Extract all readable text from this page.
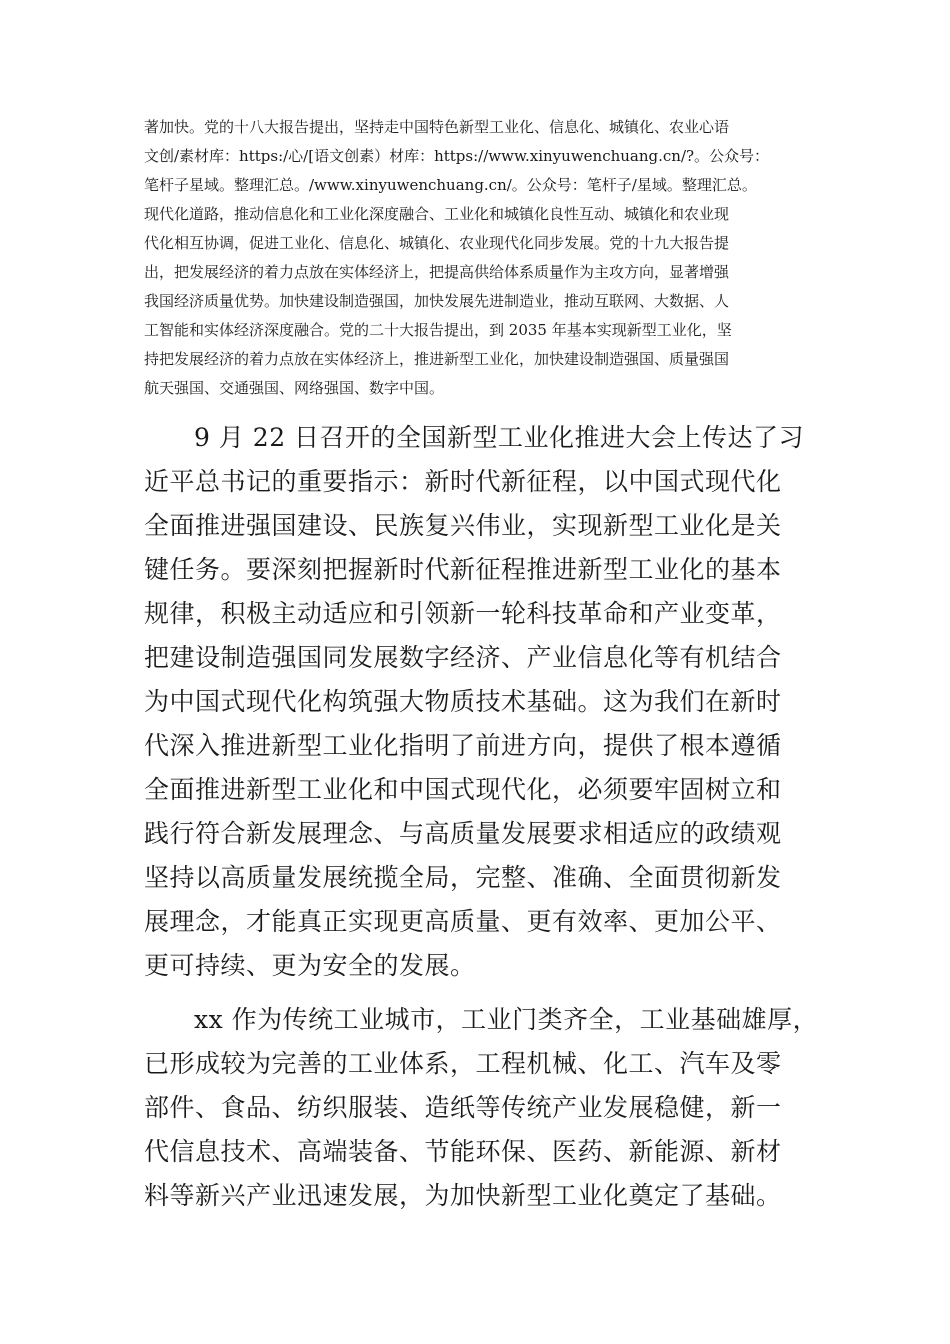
著加快。党的十八大报告提出，坚持走中国特色新型工业化、信息化、城镇化、农业心语

文创/素材库：https:/心/[语文创素）材库：https://www.xinyuwenchuang.cn/?。公众号：

笔杆子星域。整理汇总。/www.xinyuwenchuang.cn/。公众号：笔杆子/星域。整理汇总。

现代化道路，推动信息化和工业化深度融合、工业化和城镇化良性互动、城镇化和农业现

代化相互协调，促进工业化、信息化、城镇化、农业现代化同步发展。党的十九大报告提

出，把发展经济的着力点放在实体经济上，把提高供给体系质量作为主攻方向，显著增强

我国经济质量优势。加快建设制造强国，加快发展先进制造业，推动互联网、大数据、人

工智能和实体经济深度融合。党的二十大报告提出，到 2035 年基本实现新型工业化，坚

持把发展经济的着力点放在实体经济上，推进新型工业化，加快建设制造强国、质量强国

航天强国、交通强国、网络强国、数字中国。

9 月 22 日召开的全国新型工业化推进大会上传达了习

近平总书记的重要指示：新时代新征程，以中国式现代化

全面推进强国建设、民族复兴伟业，实现新型工业化是关

键任务。要深刻把握新时代新征程推进新型工业化的基本

规律，积极主动适应和引领新一轮科技革命和产业变革，

把建设制造强国同发展数字经济、产业信息化等有机结合

为中国式现代化构筑强大物质技术基础。这为我们在新时

代深入推进新型工业化指明了前进方向，提供了根本遵循

全面推进新型工业化和中国式现代化，必须要牢固树立和

践行符合新发展理念、与高质量发展要求相适应的政绩观

坚持以高质量发展统揽全局，完整、准确、全面贯彻新发

展理念，才能真正实现更高质量、更有效率、更加公平、

更可持续、更为安全的发展。

xx 作为传统工业城市，工业门类齐全，工业基础雄厚，

已形成较为完善的工业体系，工程机械、化工、汽车及零

部件、食品、纺织服装、造纸等传统产业发展稳健，新一

代信息技术、高端装备、节能环保、医药、新能源、新材

料等新兴产业迅速发展，为加快新型工业化奠定了基础。
